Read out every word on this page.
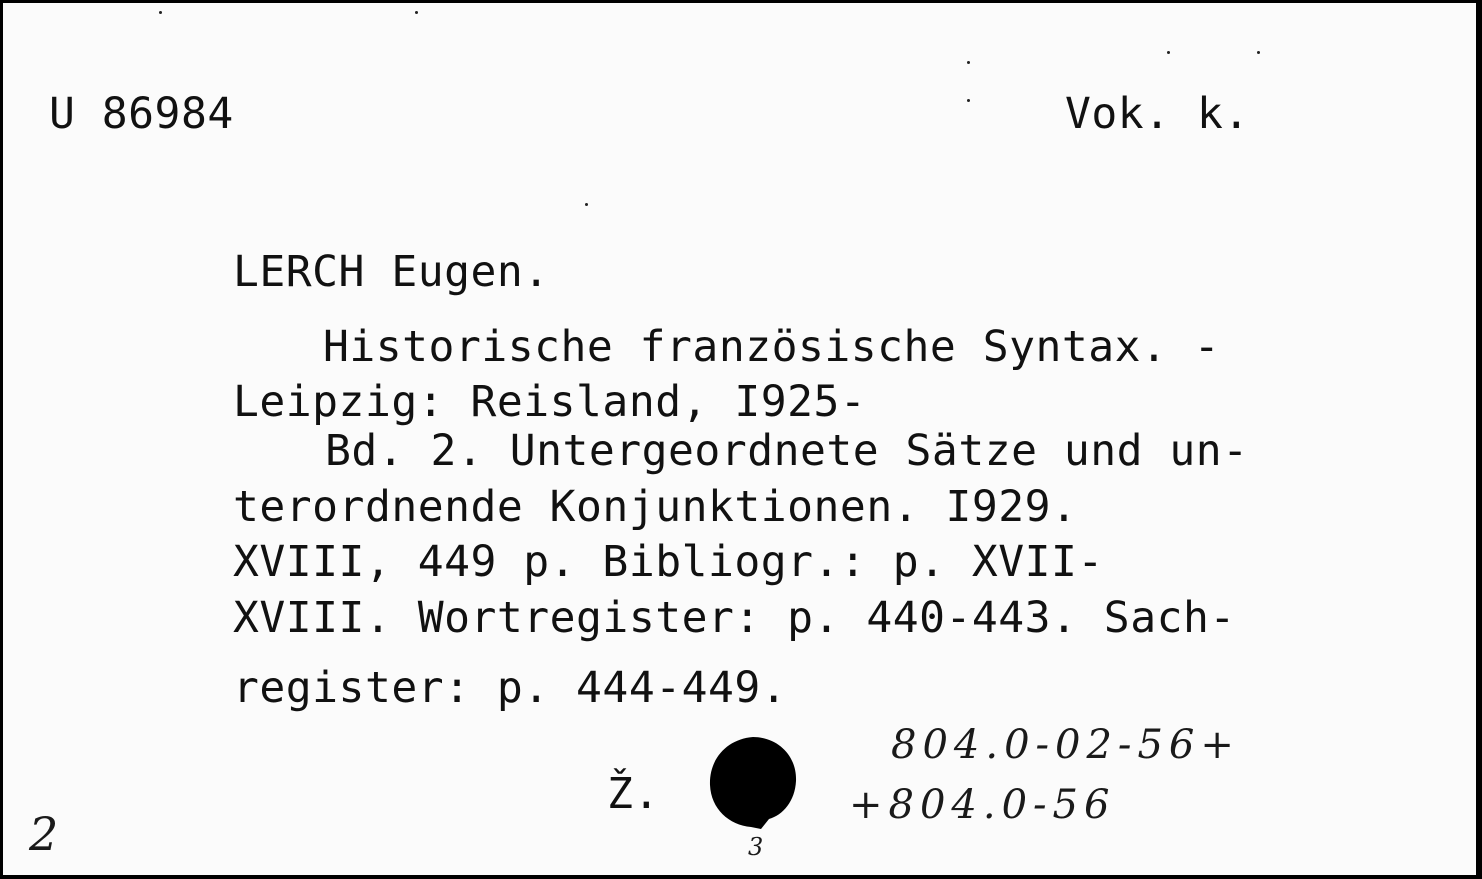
U 86984	Vok. k.
LERCH Eugen.
Historische französische Syntax. -
Leipzig: Reisland, I925-
Bd. 2. Untergeordnete Sätze und un-
terordnende Konjunktionen. I929.
XVIII, 449 p. Bibliogr.: p. XVII-
XVIII. Wortregister: p. 440-443. Sach-
register: p. 444-449.
804.0-02-56+
+804.0-56
Ž.
3
2
